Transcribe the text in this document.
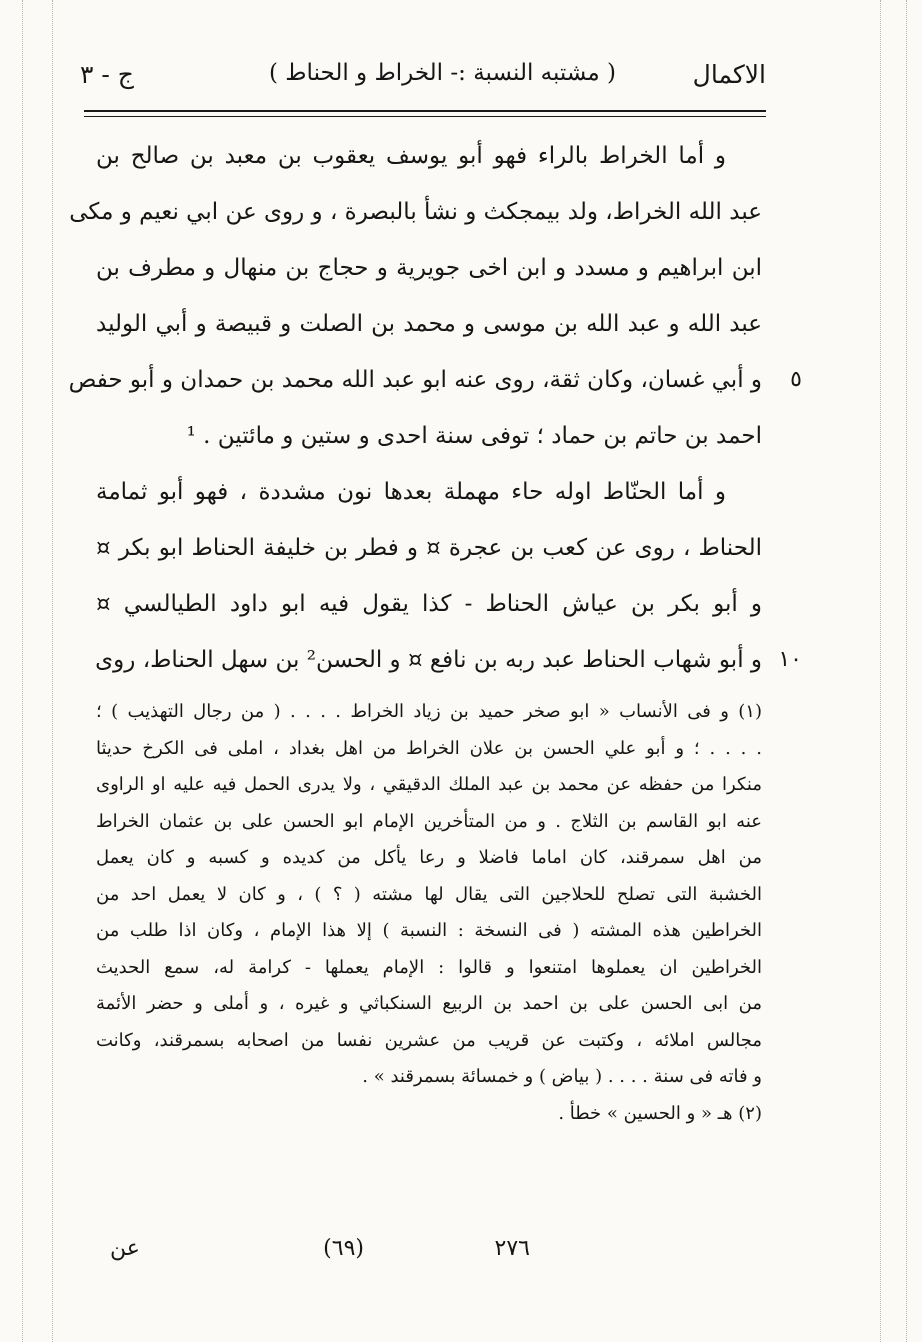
الاكمال
( مشتبه النسبة :- الخراط و الحناط )
ج - ٣
و أما الخراط بالراء فهو أبو يوسف يعقوب بن معبد بن صالح بن
عبد الله الخراط، ولد بيمجكث و نشأ بالبصرة ، و روى عن ابي نعيم و مكى
ابن ابراهيم و مسدد و ابن اخى جويرية و حجاج بن منهال و مطرف بن
عبد الله و عبد الله بن موسى و محمد بن الصلت و قبيصة و أبي الوليد
٥
و أبي غسان، وكان ثقة، روى عنه ابو عبد الله محمد بن حمدان و أبو حفص
احمد بن حاتم بن حماد ؛ توفى سنة احدى و ستين و مائتين . ¹
و أما الحنّاط اوله حاء مهملة بعدها نون مشددة ، فهو أبو ثمامة
الحناط ، روى عن كعب بن عجرة ¤ و فطر بن خليفة الحناط ابو بكر ¤
و أبو بكر بن عياش الحناط - كذا يقول فيه ابو داود الطيالسي ¤
١٠
و أبو شهاب الحناط عبد ربه بن نافع ¤ و الحسن² بن سهل الحناط، روى
(١) و فى الأنساب « ابو صخر حميد بن زياد الخراط . . . . ( من رجال التهذيب ) ؛
. . . . ؛ و أبو علي الحسن بن علان الخراط من اهل بغداد ، املى فى الكرخ حديثا
منكرا من حفظه عن محمد بن عبد الملك الدقيقي ، ولا يدرى الحمل فيه عليه او الراوى
عنه ابو القاسم بن الثلاج . و من المتأخرين الإمام ابو الحسن على بن عثمان الخراط
من اهل سمرقند، كان اماما فاضلا و رعا يأكل من كديده و كسبه و كان يعمل
الخشبة التى تصلح للحلاجين التى يقال لها مشته ( ؟ ) ، و كان لا يعمل احد من
الخراطين هذه المشته ( فى النسخة : النسبة ) إلا هذا الإمام ، وكان اذا طلب من
الخراطين ان يعملوها امتنعوا و قالوا : الإمام يعملها - كرامة له، سمع الحديث
من ابى الحسن على بن احمد بن الربيع السنكباثي و غيره ، و أملى و حضر الأئمة
مجالس املائه ، وكتبت عن قريب من عشرين نفسا من اصحابه بسمرقند، وكانت
و فاته فى سنة . . . . ( بياض ) و خمسائة بسمرقند » .
(٢) هـ « و الحسين » خطأ .
٢٧٦
(٦٩)
عن
